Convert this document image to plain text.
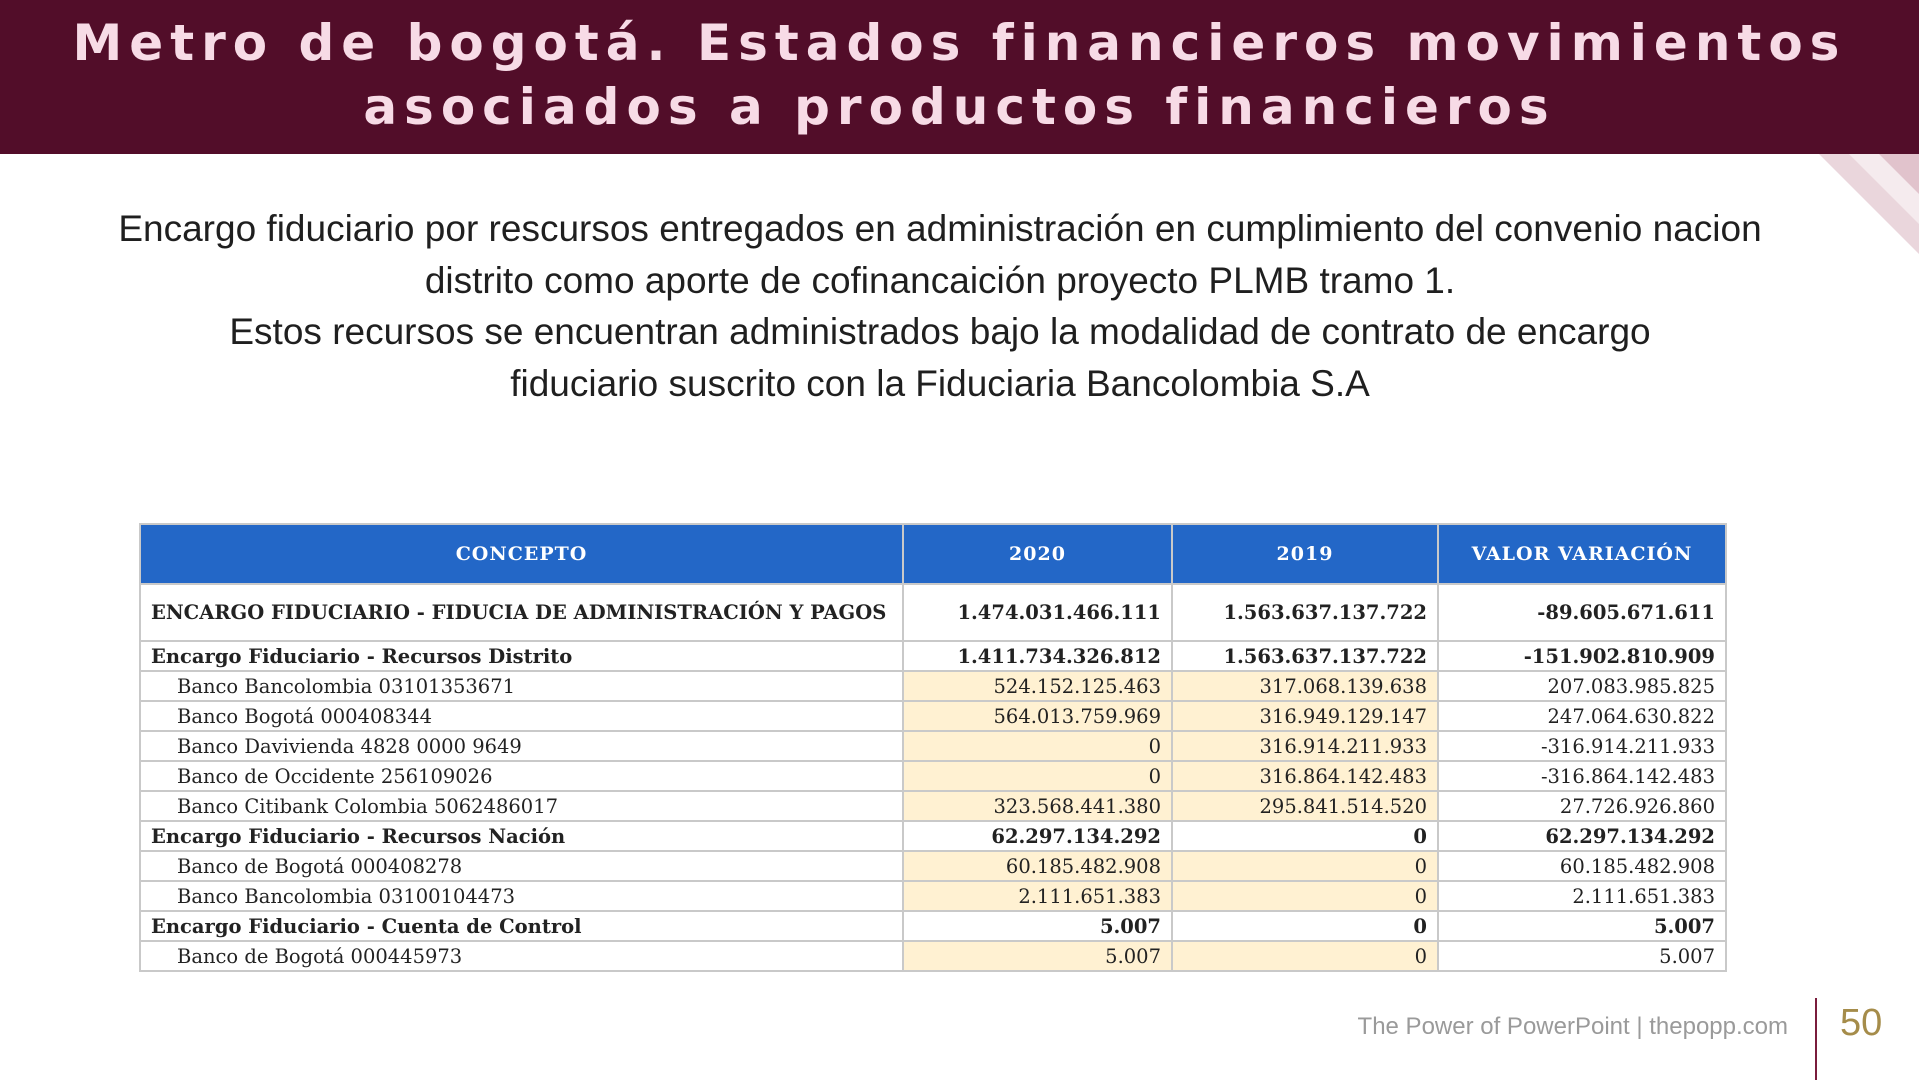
Metro de bogotá. Estados financieros movimientos asociados a productos financieros

Encargo fiduciario por rescursos entregados en administración en cumplimiento del convenio nacion

distrito como aporte de cofinancaición proyecto PLMB tramo 1.

Estos recursos se encuentran administrados bajo la modalidad de contrato de encargo

fiduciario suscrito con la Fiduciaria Bancolombia S.A

CONCEPTO	2020	2019	VALOR VARIACIÓN
ENCARGO FIDUCIARIO - FIDUCIA DE ADMINISTRACIÓN Y PAGOS	1.474.031.466.111	1.563.637.137.722	-89.605.671.611
Encargo Fiduciario - Recursos Distrito	1.411.734.326.812	1.563.637.137.722	-151.902.810.909
Banco Bancolombia 03101353671	524.152.125.463	317.068.139.638	207.083.985.825
Banco Bogotá 000408344	564.013.759.969	316.949.129.147	247.064.630.822
Banco Davivienda 4828 0000 9649	0	316.914.211.933	-316.914.211.933
Banco de Occidente 256109026	0	316.864.142.483	-316.864.142.483
Banco Citibank Colombia 5062486017	323.568.441.380	295.841.514.520	27.726.926.860
Encargo Fiduciario - Recursos Nación	62.297.134.292	0	62.297.134.292
Banco de Bogotá 000408278	60.185.482.908	0	60.185.482.908
Banco Bancolombia 03100104473	2.111.651.383	0	2.111.651.383
Encargo Fiduciario - Cuenta de Control	5.007	0	5.007
Banco de Bogotá 000445973	5.007	0	5.007
The Power of PowerPoint | thepopp.com 50
